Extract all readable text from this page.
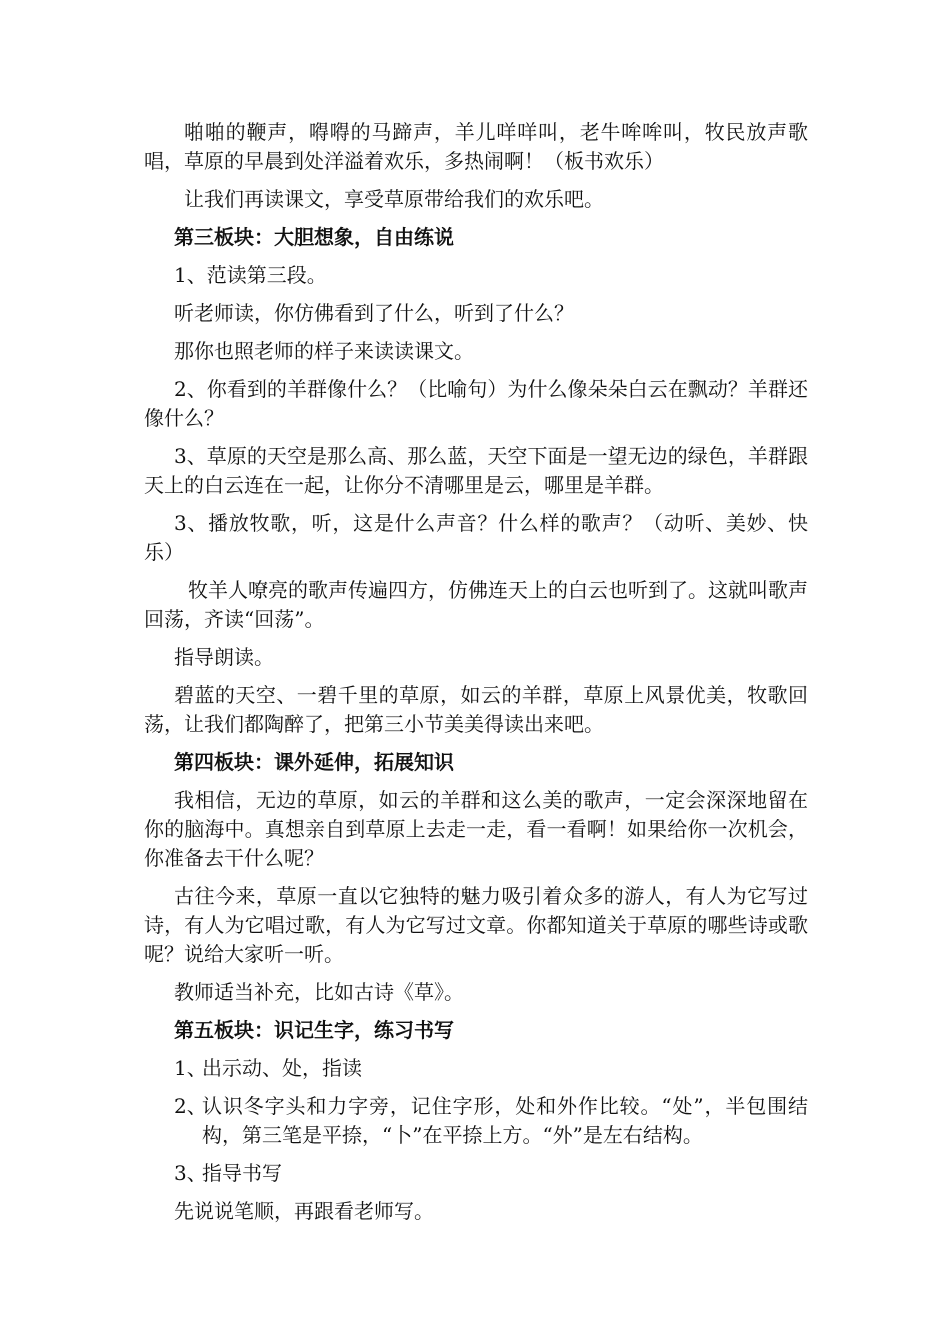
啪啪的鞭声，嘚嘚的马蹄声，羊儿咩咩叫，老牛哞哞叫，牧民放声歌唱，草原的早晨到处洋溢着欢乐，多热闹啊！（板书欢乐）

让我们再读课文，享受草原带给我们的欢乐吧。

第三板块：大胆想象，自由练说

1、范读第三段。

听老师读，你仿佛看到了什么，听到了什么？

那你也照老师的样子来读读课文。

2、你看到的羊群像什么？（比喻句）为什么像朵朵白云在飘动？羊群还像什么？

3、草原的天空是那么高、那么蓝，天空下面是一望无边的绿色，羊群跟天上的白云连在一起，让你分不清哪里是云，哪里是羊群。

3、播放牧歌，听，这是什么声音？什么样的歌声？（动听、美妙、快乐）

牧羊人嘹亮的歌声传遍四方，仿佛连天上的白云也听到了。这就叫歌声回荡，齐读“回荡”。

指导朗读。

碧蓝的天空、一碧千里的草原，如云的羊群，草原上风景优美，牧歌回荡，让我们都陶醉了，把第三小节美美得读出来吧。

第四板块：课外延伸，拓展知识

我相信，无边的草原，如云的羊群和这么美的歌声，一定会深深地留在你的脑海中。真想亲自到草原上去走一走，看一看啊！如果给你一次机会，你准备去干什么呢？

古往今来，草原一直以它独特的魅力吸引着众多的游人，有人为它写过诗，有人为它唱过歌，有人为它写过文章。你都知道关于草原的哪些诗或歌呢？说给大家听一听。

教师适当补充，比如古诗《草》。

第五板块：识记生字，练习书写

1、
出示动、处，指读
2、
认识冬字头和力字旁，记住字形，处和外作比较。“处”，半包围结构，第三笔是平捺，“卜”在平捺上方。“外”是左右结构。
3、
指导书写

先说说笔顺，再跟看老师写。
